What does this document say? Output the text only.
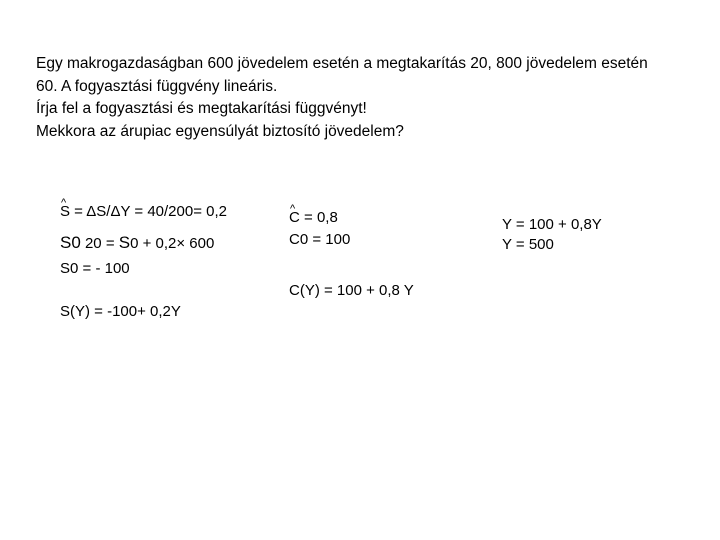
Egy makrogazdaságban 600 jövedelem esetén a megtakarítás 20, 800 jövedelem esetén
60. A fogyasztási függvény lineáris.
Írja fel a fogyasztási és megtakarítási függvényt!
Mekkora az árupiac egyensúlyát biztosító jövedelem?
^ S = ΔS/ΔY = 40/200= 0,2
S0 20 = S0 + 0,2× 600
S0 = - 100
S(Y) = -100+ 0,2Y
^ C = 0,8
C0 = 100
C(Y) = 100 + 0,8 Y
Y = 100 + 0,8Y
Y = 500
